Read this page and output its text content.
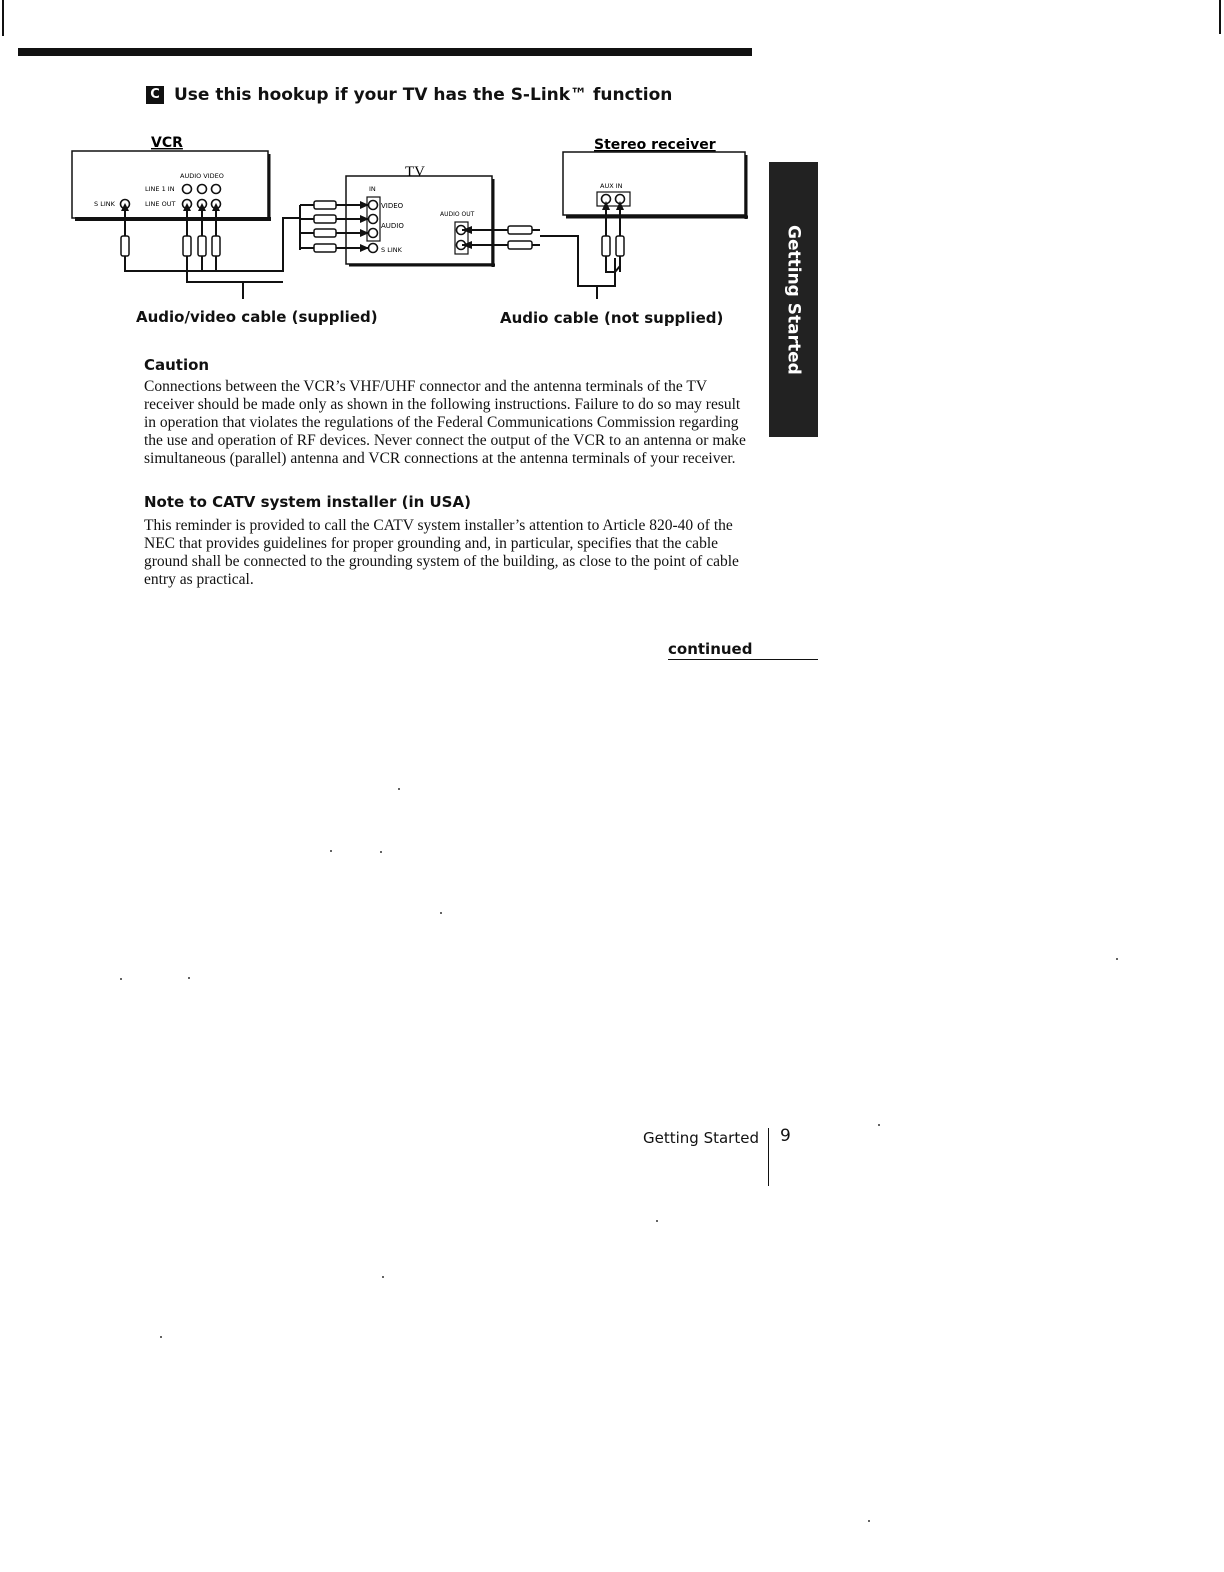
C Use this hookup if your TV has the S-Link™ function
VCR
AUDIO VIDEO
LINE 1 IN
LINE OUT
S LINK
TV
IN
VIDEO
AUDIO
S LINK
AUDIO OUT
Stereo receiver
AUX IN
Audio/video cable (supplied)	Audio cable (not supplied)	Getting Started
Caution
Connections between the VCR’s VHF/UHF connector and the antenna terminals of the TV receiver should be made only as shown in the following instructions. Failure to do so may result in operation that violates the regulations of the Federal Communications Commission regarding the use and operation of RF devices. Never connect the output of the VCR to an antenna or make simultaneous (parallel) antenna and VCR connections at the antenna terminals of your receiver.
Note to CATV system installer (in USA)
This reminder is provided to call the CATV system installer’s attention to Article 820-40 of the NEC that provides guidelines for proper grounding and, in particular, specifies that the cable ground shall be connected to the grounding system of the building, as close to the point of cable entry as practical.
continued
Getting Started 9
